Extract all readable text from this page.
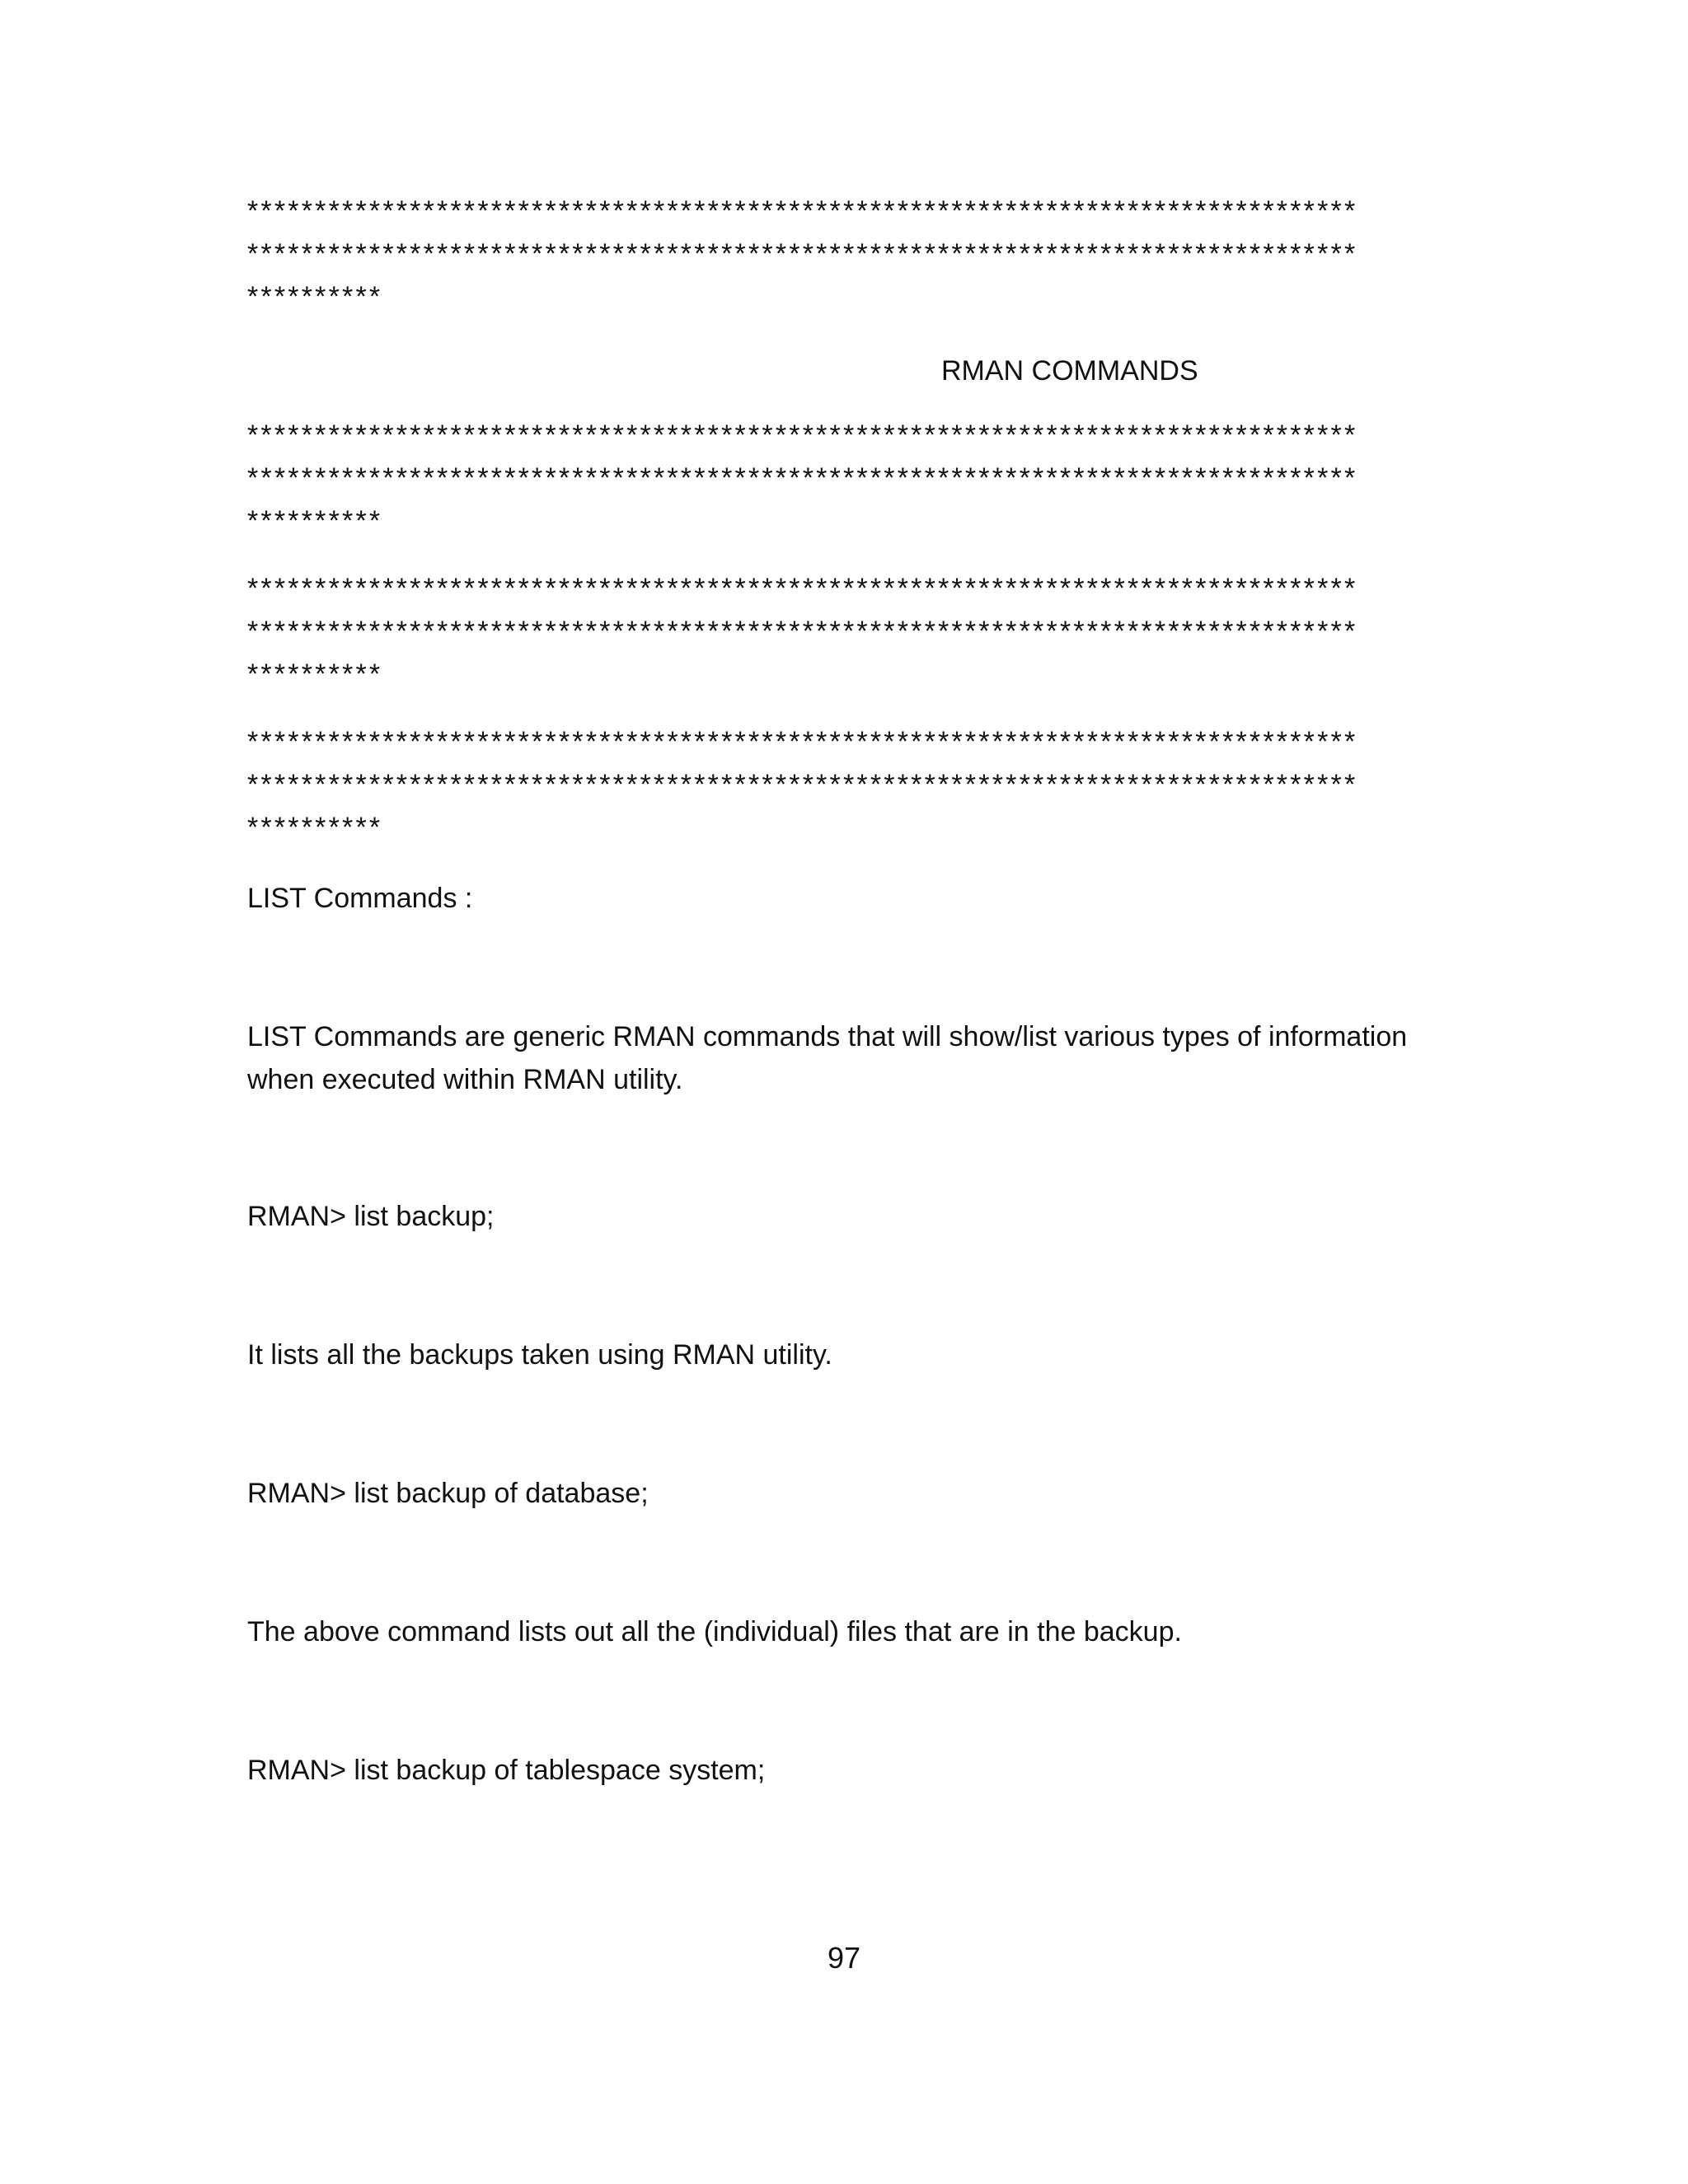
**********************************************************************************
**********************************************************************************
**********
RMAN COMMANDS
**********************************************************************************
**********************************************************************************
**********
**********************************************************************************
**********************************************************************************
**********
**********************************************************************************
**********************************************************************************
**********
LIST Commands :
LIST Commands are generic RMAN commands that will show/list various types of information when executed within RMAN utility.
RMAN> list backup;
It lists all the backups taken using RMAN utility.
RMAN> list backup of database;
The above command lists out all the (individual) files that are in the backup.
RMAN> list backup of tablespace system;
97
